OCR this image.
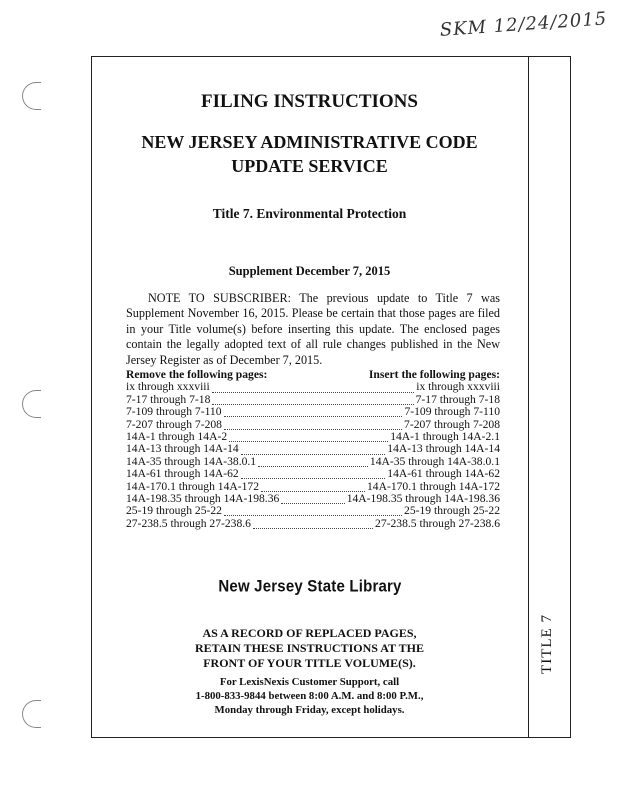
SKM 12/24/2015
TITLE 7
FILING INSTRUCTIONS
NEW JERSEY ADMINISTRATIVE CODE
UPDATE SERVICE
Title 7. Environmental Protection
Supplement December 7, 2015
NOTE TO SUBSCRIBER: The previous update to Title 7 was Supplement November 16, 2015. Please be certain that those pages are filed in your Title volume(s) before inserting this update. The enclosed pages contain the legally adopted text of all rule changes published in the New Jersey Register as of December 7, 2015.
Remove the following pages:	Insert the following pages:
ix through xxxviii	ix through xxxviii
7-17 through 7-18	7-17 through 7-18
7-109 through 7-110	7-109 through 7-110
7-207 through 7-208	7-207 through 7-208
14A-1 through 14A-2	14A-1 through 14A-2.1
14A-13 through 14A-14	14A-13 through 14A-14
14A-35 through 14A-38.0.1	14A-35 through 14A-38.0.1
14A-61 through 14A-62	14A-61 through 14A-62
14A-170.1 through 14A-172	14A-170.1 through 14A-172
14A-198.35 through 14A-198.36	14A-198.35 through 14A-198.36
25-19 through 25-22	25-19 through 25-22
27-238.5 through 27-238.6	27-238.5 through 27-238.6
New Jersey State Library
AS A RECORD OF REPLACED PAGES,
RETAIN THESE INSTRUCTIONS AT THE
FRONT OF YOUR TITLE VOLUME(S).
For LexisNexis Customer Support, call
1-800-833-9844 between 8:00 A.M. and 8:00 P.M.,
Monday through Friday, except holidays.
